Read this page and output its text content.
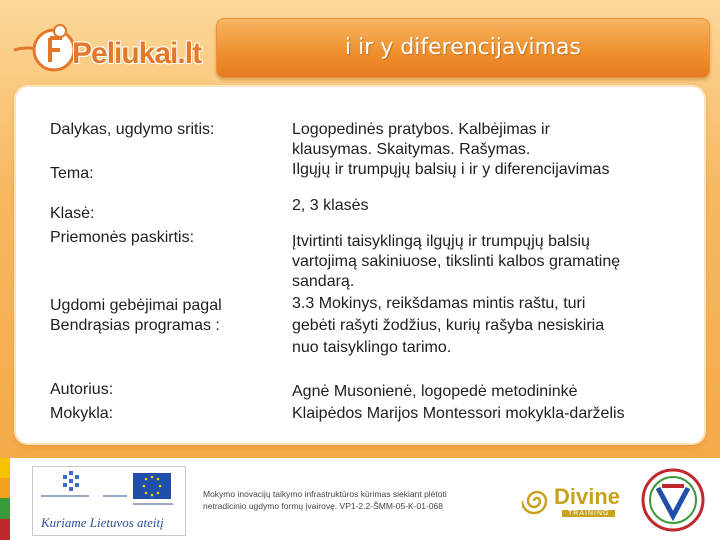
Peliukai.lt	i ir y diferencijavimas
Dalykas, ugdymo sritis:
Tema:
Klasė:
Priemonės paskirtis:
Ugdomi gebėjimai pagal
Bendrąsias programas :
Autorius:
Mokykla:
Logopedinės pratybos. Kalbėjimas ir
klausymas. Skaitymas. Rašymas.
Ilgųjų ir trumpųjų balsių i ir y diferencijavimas
2, 3 klasės
Įtvirtinti taisyklingą ilgųjų ir trumpųjų balsių
vartojimą sakiniuose, tikslinti kalbos gramatinę
sandarą.
3.3 Mokinys, reikšdamas mintis raštu, turi
gebėti rašyti žodžius, kurių rašyba nesiskiria
nuo taisyklingo tarimo.
Agnė Musonienė, logopedė metodininkė
Klaipėdos Marijos Montessori mokykla-darželis
Kuriame Lietuvos ateitį
Mokymo inovacijų taikymo infrastruktūros kūrimas siekiant plėtoti
netradicinio ugdymo formų įvairovę. VP1-2.2-ŠMM-05-K-01-068	Divine
TRAINING
